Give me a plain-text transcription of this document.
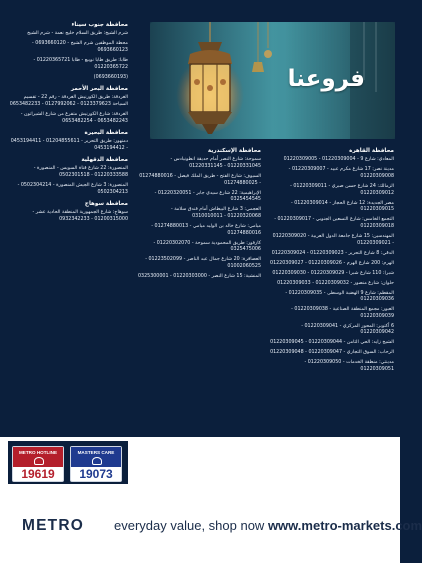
فروعنا
محافظة جنوب سيناء
شرم الشيخ: طريق السلام خليج نعمة - شرم الشيخ
محطة الموظفين شرم الشيخ - 0693660120 - 0693660123
طابا: طريق طابا نويبع - طابا 01220365721 - 01220365722
(0693660193)
محافظة البحر الأحمر
الغردقة: طريق الكورنيش الغردقة - رقم 22 - تقسيم السياحة 0123379623 - 0127992062 - 0653482233
الغردقة: شارع الكورنيش متفرع من شارع الشيراتون - 0653482243 - 0653482254
محافظة البحيرة
دمنهور: طريق التحرير - 01204855611 - 0453194411 - 0453194412
محافظة الدقهلية
المنصورة: 22 شارع قناة السويس - المنصورة - 01220333588 - 0502301518
المنصورة: 3 شارع الجيش المنصورة - 0502304214 - 0502304213
محافظة سوهاج
سوهاج: شارع الجمهورية المنطقة الحادية عشر - 01200315000 - 0932342233
محافظة الإسكندرية
سموحة: شارع النصر أمام حديقة انطونيادس - 01220331045 - 01220331145
السيوف: شارع الفتح - طريق الملك فيصل - 01274880016 - 01274880025
الإبراهيمية: 22 شارع سيدي جابر - 01220320051 - 0325454545
العجمي: 3 شارع البيطاش أمام فندق سلامة - 01220320068 - 0310010011
ميامي: شارع خالد بن الوليد ميامي - 01274880013 - 01274880016
كارفور: طريق المحمودية سموحة - 01220302070 - 0325475006
العصافرة: 20 شارع جمال عبد الناصر - 01223502099 - 01002060525
المنشية: 15 شارع النصر - 01220303000 - 0325300001
محافظة القاهرة
المعادي: شارع 9 - 01220309004 - 01220309005
مدينة نصر: 17 شارع مكرم عبيد - 01220309007 - 01220309008
الزمالك: 24 شارع حسن صبري - 01220309011 - 01220309012
مصر الجديدة: 12 شارع الحجاز - 01220309014 - 01220309015
التجمع الخامس: شارع التسعين الجنوبي - 01220309017 - 01220309018
المهندسين: 15 شارع جامعة الدول العربية - 01220309020 - 01220309021
الدقي: 8 شارع التحرير - 01220309023 - 01220309024
الهرم: 200 شارع الهرم - 01220309026 - 01220309027
شبرا: 110 شارع شبرا - 01220309029 - 01220309030
حلوان: شارع منصور - 01220309032 - 01220309033
المقطم: شارع 9 الهضبة الوسطى - 01220309035 - 01220309036
العبور: مجمع المنطقة الصناعية - 01220309038 - 01220309039
6 أكتوبر: المحور المركزي - 01220309041 - 01220309042
الشيخ زايد: الحي الثامن - 01220309044 - 01220309045
الرحاب: السوق التجاري - 01220309047 - 01220309048
مدينتي: منطقة الخدمات - 01220309050 - 01220309051
MASTERS CARE
19073
METRO HOTLINE
19619
METRO everyday value, shop now www.metro-markets.com
